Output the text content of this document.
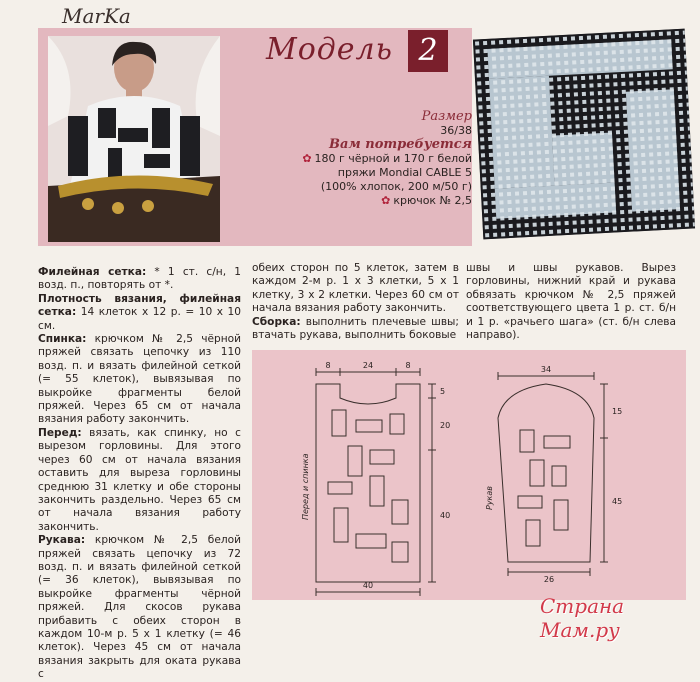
MarKa
Модель 2
Размер
36/38
Вам потребуется
✿ 180 г чёрной и 170 г белой
пряжи Mondial CABLE 5
(100% хлопок, 200 м/50 г)
✿ крючок № 2,5
Филейная сетка: * 1 ст. с/н, 1 возд. п., повторять от *.
Плотность вязания, филейная сетка: 14 клеток x 12 р. = 10 x 10 см.
Спинка: крючком № 2,5 чёрной пряжей связать цепочку из 110 возд. п. и вязать филейной сеткой (= 55 клеток), вывязывая по выкройке фрагменты белой пряжей. Через 65 см от начала вязания работу закончить.
Перед: вязать, как спинку, но с вырезом горловины. Для этого через 60 см от начала вязания оставить для выреза горловины среднюю 31 клетку и обе стороны закончить раздельно. Через 65 см от начала вязания работу закончить.
Рукава: крючком № 2,5 белой пряжей связать цепочку из 72 возд. п. и вязать филейной сеткой (= 36 клеток), вывязывая по выкройке фрагменты чёрной пряжей. Для скосов рукава прибавить с обеих сторон в каждом 10-м р. 5 x 1 клетку (= 46 клеток). Через 45 см от начала вязания закрыть для оката рукава с
обеих сторон по 5 клеток, затем в каждом 2-м р. 1 x 3 клетки, 5 x 1 клетку, 3 x 2 клетки. Через 60 см от начала вязания работу закончить.
Сборка: выполнить плечевые швы; втачать рукава, выполнить боковые
швы и швы рукавов. Вырез горловины, нижний край и рукава обвязать крючком № 2,5 пряжей соответствующего цвета 1 р. ст. б/н и 1 р. «рачьего шага» (ст. б/н слева направо).
8	24	8
5
20
40
40
34
15
45
26
Перед и спинка	Рукав
Страна Мам.ру
